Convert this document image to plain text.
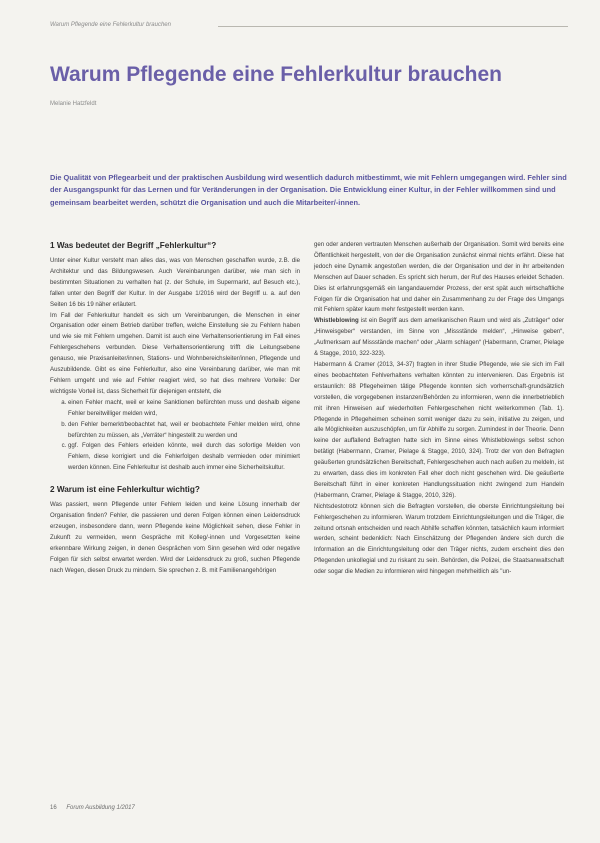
Warum Pflegende eine Fehlerkultur brauchen
Warum Pflegende eine Fehlerkultur brauchen
Melanie Hatzfeldt

Die Qualität von Pflegearbeit und der praktischen Ausbildung wird wesentlich dadurch mitbestimmt, wie mit Fehlern umgegangen wird. Fehler sind der Ausgangspunkt für das Lernen und für Veränderungen in der Organisation. Die Entwicklung einer Kultur, in der Fehler willkommen sind und gemeinsam bearbeitet werden, schützt die Organisation und auch die Mitarbeiter/-innen.

1 Was bedeutet der Begriff „Fehlerkultur“?

Unter einer Kultur versteht man alles das, was von Menschen geschaffen wurde, z.B. die Architektur und das Bildungswesen. Auch Vereinbarungen darüber, wie man sich in bestimmten Situationen zu verhalten hat (z. der Schule, im Supermarkt, auf Besuch etc.), fallen unter den Begriff der Kultur. In der Ausgabe 1/2016 wird der Begriff u. a. auf den Seiten 16 bis 19 näher erläutert.

Im Fall der Fehlerkultur handelt es sich um Vereinbarungen, die Menschen in einer Organisation oder einem Betrieb darüber treffen, welche Einstellung sie zu Fehlern haben und wie sie mit Fehlern umgehen. Damit ist auch eine Verhaltensorientierung im Fall eines Fehlergeschehens verbunden. Diese Verhaltensorientierung trifft die Leitungsebene genauso, wie Praxisanleiter/innen, Stations- und Wohnbereichsleiter/innen, Pflegende und Auszubildende. Gibt es eine Fehlerkultur, also eine Vereinbarung darüber, wie man mit Fehlern umgeht und wie auf Fehler reagiert wird, so hat dies mehrere Vorteile: Der wichtigste Vorteil ist, dass Sicherheit für diejenigen entsteht, die

a. einen Fehler macht, weil er keine Sanktionen befürchten muss und deshalb eigene Fehler bereitwilliger melden wird,
b. den Fehler bemerkt/beobachtet hat, weil er beobachtete Fehler melden wird, ohne befürchten zu müssen, als „Verräter“ hingestellt zu werden und
c. ggf. Folgen des Fehlers erleiden könnte, weil durch das sofortige Melden von Fehlern, diese korrigiert und die Fehlerfolgen deshalb vermieden oder minimiert werden können. Eine Fehlerkultur ist deshalb auch immer eine Sicherheitskultur.
2 Warum ist eine Fehlerkultur wichtig?

Was passiert, wenn Pflegende unter Fehlern leiden und keine Lösung innerhalb der Organisation finden? Fehler, die passieren und deren Folgen können einen Leidensdruck erzeugen, insbesondere dann, wenn Pflegende keine Möglichkeit sehen, diese Fehler in Zukunft zu vermeiden, wenn Gespräche mit Kolleg/-innen und Vorgesetzten keine erkennbare Wirkung zeigen, in denen Gesprächen vom Sinn gesehen wird oder negative Folgen für sich selbst erwartet werden. Wird der Leidensdruck zu groß, suchen Pflegende nach Wegen, diesen Druck zu mindern. Sie sprechen z. B. mit Familienangehörigen

gen oder anderen vertrauten Menschen außerhalb der Organisation. Somit wird bereits eine Öffentlichkeit hergestellt, von der die Organisation zunächst einmal nichts erfährt. Diese hat jedoch eine Dynamik angestoßen werden, die der Organisation und der in ihr arbeitenden Menschen auf Dauer schaden. Es spricht sich herum, der Ruf des Hauses erleidet Schaden. Dies ist erfahrungsgemäß ein langandauernder Prozess, der erst spät auch wirtschaftliche Folgen für die Organisation hat und daher ein Zusammenhang zu der Frage des Umgangs mit Fehlern später kaum mehr festgestellt werden kann.

Whistleblowing ist ein Begriff aus dem amerikanischen Raum und wird als „Zuträger“ oder „Hinweisgeber“ verstanden, im Sinne von „Missstände melden“, „Hinweise geben“, „Aufmerksam auf Missstände machen“ oder „Alarm schlagen“ (Habermann, Cramer, Pielage & Stagge, 2010, 322-323).

Habermann & Cramer (2013, 34-37) fragten in ihrer Studie Pflegende, wie sie sich im Fall eines beobachteten Fehlverhaltens verhalten könnten zu intervenieren. Das Ergebnis ist erstaunlich: 88 Pflegeheimen tätige Pflegende konnten sich vorherrschaft-grundsätzlich vorstellen, die vorgegebenen instanzen/Behörden zu informieren, wenn die innerbetrieblich mit ihren Hinweisen auf wiederholten Fehlergeschehen nicht weiterkommen (Tab. 1). Pflegende in Pflegeheimen scheinen somit weniger dazu zu sein, initiative zu zeigen, und alle Möglichkeiten auszuschöpfen, um für Abhilfe zu sorgen. Zumindest in der Theorie. Denn keine der auffallend Befragten hatte sich im Sinne eines Whistleblowings selbst schon betätigt (Habermann, Cramer, Pielage & Stagge, 2010, 324). Trotz der von den Befragten geäußerten grundsätzlichen Bereitschaft, Fehlergeschehen auch nach außen zu meldeln, ist zu erwarten, dass dies im konkreten Fall eher doch nicht geschehen wird. Die geäußerte Bereitschaft führt in einer konkreten Handlungssituation nicht zwingend zum Handeln (Habermann, Cramer, Pielage & Stagge, 2010, 326).

Nichtsdestotrotz können sich die Befragten vorstellen, die oberste Einrichtungsleitung bei Fehlergeschehen zu informieren. Warum trotzdem Einrichtungsleitungen und die Träger, die zeitund ortsnah entscheiden und reach Abhilfe schaffen könnten, tatsächlich kaum informiert werden, scheint bedenklich: Nach Einschätzung der Pflegenden ändere sich durch die Information an die Einrichtungsleitung oder den Träger nichts, zudem erscheint dies den Pflegenden unkollegial und zu riskant zu sein. Behörden, die Polizei, die Staatsanwaltschaft oder sogar die Medien zu informieren wird hingegen mehrheitlich als "un-

16 Forum Ausbildung 1/2017
